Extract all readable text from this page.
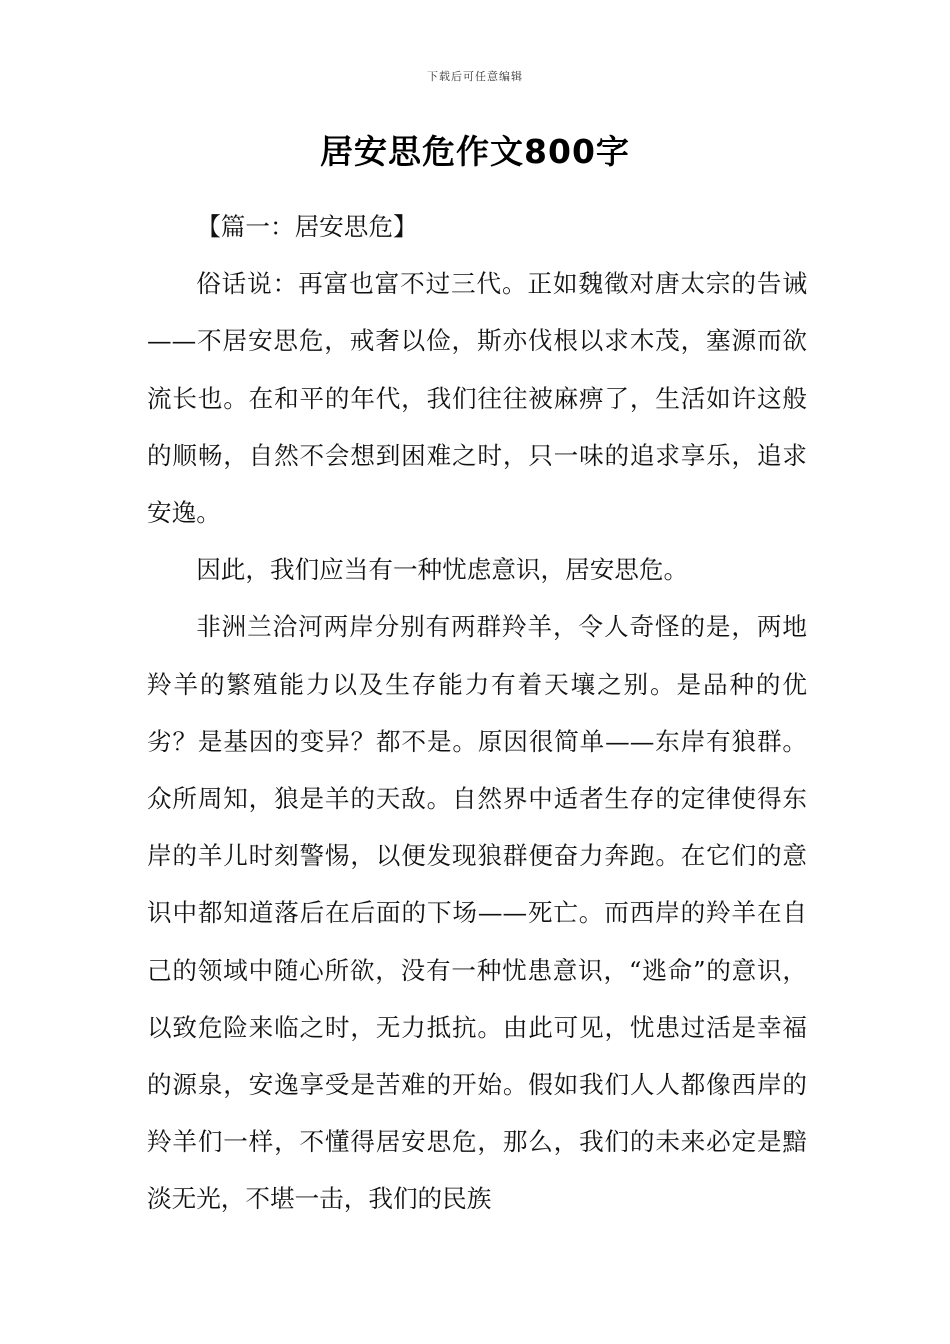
下载后可任意编辑
居安思危作文800字

【篇一：居安思危】

俗话说：再富也富不过三代。正如魏徵对唐太宗的告诫——不居安思危，戒奢以俭，斯亦伐根以求木茂，塞源而欲流长也。在和平的年代，我们往往被麻痹了，生活如许这般的顺畅，自然不会想到困难之时，只一味的追求享乐，追求安逸。

因此，我们应当有一种忧虑意识，居安思危。

非洲兰洽河两岸分别有两群羚羊，令人奇怪的是，两地羚羊的繁殖能力以及生存能力有着天壤之别。是品种的优劣？是基因的变异？都不是。原因很简单——东岸有狼群。众所周知，狼是羊的天敌。自然界中适者生存的定律使得东岸的羊儿时刻警惕，以便发现狼群便奋力奔跑。在它们的意识中都知道落后在后面的下场——死亡。而西岸的羚羊在自己的领域中随心所欲，没有一种忧患意识，“逃命”的意识，以致危险来临之时，无力抵抗。由此可见，忧患过活是幸福的源泉，安逸享受是苦难的开始。假如我们人人都像西岸的羚羊们一样，不懂得居安思危，那么，我们的未来必定是黯淡无光，不堪一击，我们的民族
